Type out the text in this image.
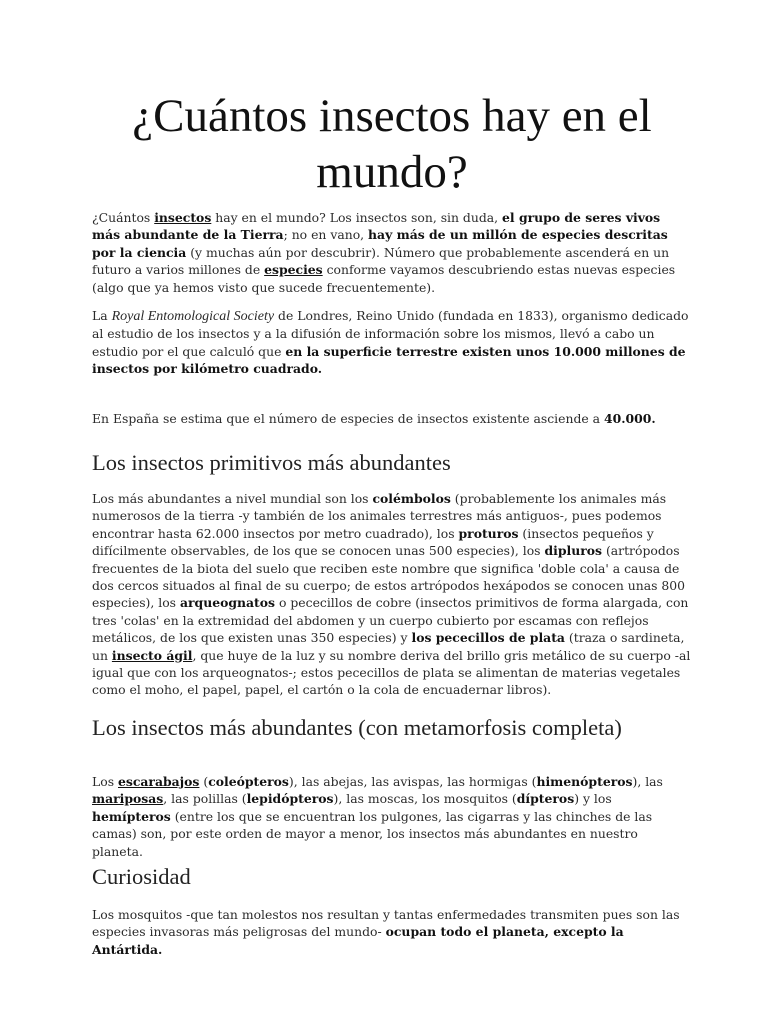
¿Cuántos insectos hay en el mundo?

¿Cuántos insectos hay en el mundo? Los insectos son, sin duda, el grupo de seres vivos más abundante de la Tierra; no en vano, hay más de un millón de especies descritas por la ciencia (y muchas aún por descubrir). Número que probablemente ascenderá en un futuro a varios millones de especies conforme vayamos descubriendo estas nuevas especies (algo que ya hemos visto que sucede frecuentemente).

La Royal Entomological Society de Londres, Reino Unido (fundada en 1833), organismo dedicado al estudio de los insectos y a la difusión de información sobre los mismos, llevó a cabo un estudio por el que calculó que en la superficie terrestre existen unos 10.000 millones de insectos por kilómetro cuadrado.

En España se estima que el número de especies de insectos existente asciende a 40.000.

Los insectos primitivos más abundantes

Los más abundantes a nivel mundial son los colémbolos (probablemente los animales más numerosos de la tierra -y también de los animales terrestres más antiguos-, pues podemos encontrar hasta 62.000 insectos por metro cuadrado), los proturos (insectos pequeños y difícilmente observables, de los que se conocen unas 500 especies), los dipluros (artrópodos frecuentes de la biota del suelo que reciben este nombre que significa 'doble cola' a causa de dos cercos situados al final de su cuerpo; de estos artrópodos hexápodos se conocen unas 800 especies), los arqueognatos o pececillos de cobre (insectos primitivos de forma alargada, con tres 'colas' en la extremidad del abdomen y un cuerpo cubierto por escamas con reflejos metálicos, de los que existen unas 350 especies) y los pececillos de plata (traza o sardineta, un insecto ágil, que huye de la luz y su nombre deriva del brillo gris metálico de su cuerpo -al igual que con los arqueognatos-; estos pececillos de plata se alimentan de materias vegetales como el moho, el papel, papel, el cartón o la cola de encuadernar libros).

Los insectos más abundantes (con metamorfosis completa)

Los escarabajos (coleópteros), las abejas, las avispas, las hormigas (himenópteros), las mariposas, las polillas (lepidópteros), las moscas, los mosquitos (dípteros) y los hemípteros (entre los que se encuentran los pulgones, las cigarras y las chinches de las camas) son, por este orden de mayor a menor, los insectos más abundantes en nuestro planeta.

Curiosidad

Los mosquitos -que tan molestos nos resultan y tantas enfermedades transmiten pues son las especies invasoras más peligrosas del mundo- ocupan todo el planeta, excepto la Antártida.
